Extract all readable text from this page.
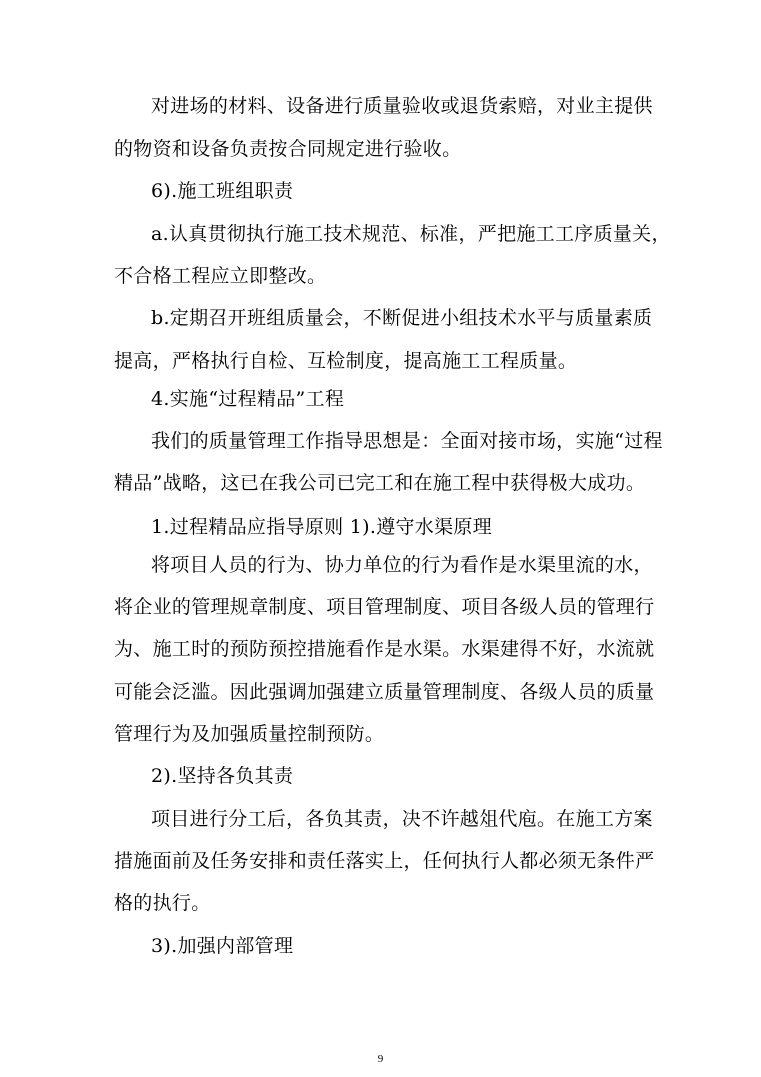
对进场的材料、设备进行质量验收或退货索赔，对业主提供
的物资和设备负责按合同规定进行验收。
6).施工班组职责
a.认真贯彻执行施工技术规范、标准，严把施工工序质量关，
不合格工程应立即整改。
b.定期召开班组质量会，不断促进小组技术水平与质量素质
提高，严格执行自检、互检制度，提高施工工程质量。
4.实施“过程精品”工程
我们的质量管理工作指导思想是：全面对接市场，实施“过程
精品”战略，这已在我公司已完工和在施工程中获得极大成功。
1.过程精品应指导原则 1).遵守水渠原理
将项目人员的行为、协力单位的行为看作是水渠里流的水，
将企业的管理规章制度、项目管理制度、项目各级人员的管理行
为、施工时的预防预控措施看作是水渠。水渠建得不好，水流就
可能会泛滥。因此强调加强建立质量管理制度、各级人员的质量
管理行为及加强质量控制预防。
2).坚持各负其责
项目进行分工后，各负其责，决不许越俎代庖。在施工方案
措施面前及任务安排和责任落实上，任何执行人都必须无条件严
格的执行。
3).加强内部管理
9
